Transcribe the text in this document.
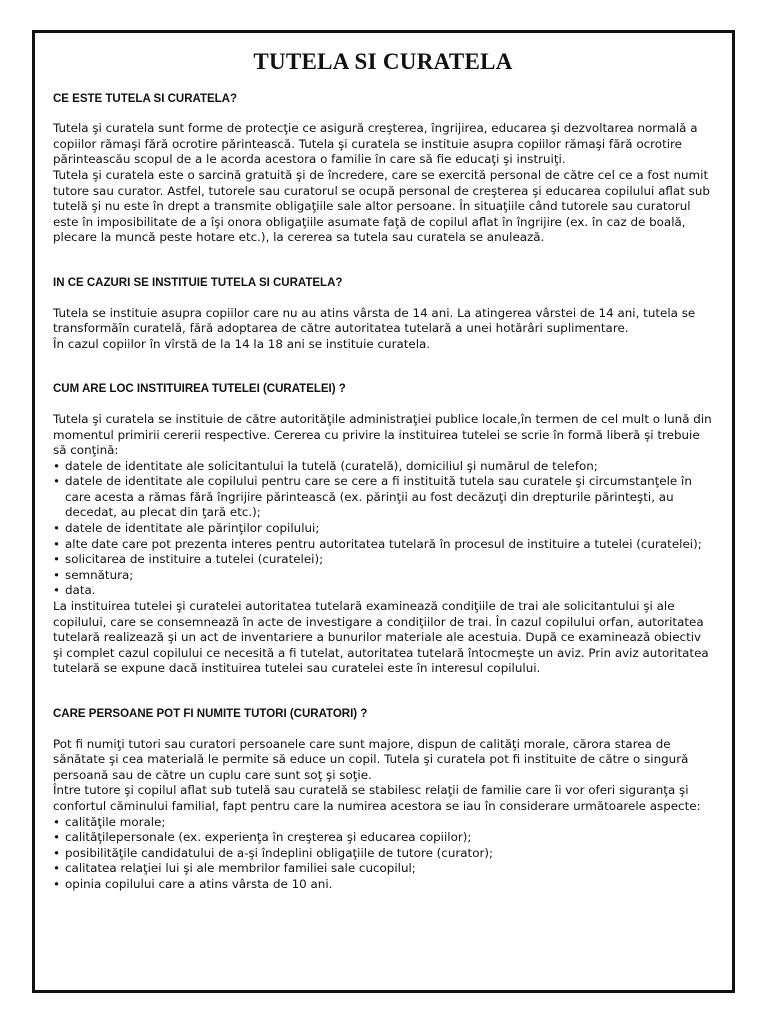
TUTELA SI CURATELA
CE ESTE TUTELA SI CURATELA?

Tutela şi curatela sunt forme de protecţie ce asigură creşterea, îngrijirea, educarea şi dezvoltarea normală a copiilor rămaşi fără ocrotire părintească. Tutela şi curatela se instituie asupra copiilor rămaşi fără ocrotire părinteascău scopul de a le acorda acestora o familie în care să fie educaţi şi instruiţi.

Tutela şi curatela este o sarcină gratuită şi de încredere, care se exercită personal de către cel ce a fost numit tutore sau curator. Astfel, tutorele sau curatorul se ocupă personal de creşterea şi educarea copilului aflat sub tutelă şi nu este în drept a transmite obligaţiile sale altor persoane. În situaţiile când tutorele sau curatorul este în imposibilitate de a îşi onora obligaţiile asumate faţă de copilul aflat în îngrijire (ex. în caz de boală, plecare la muncă peste hotare etc.), la cererea sa tutela sau curatela se anulează.

IN CE CAZURI SE INSTITUIE TUTELA SI CURATELA?

Tutela se instituie asupra copiilor care nu au atins vârsta de 14 ani. La atingerea vârstei de 14 ani, tutela se transformăîn curatelă, fără adoptarea de către autoritatea tutelară a unei hotărâri suplimentare.

În cazul copiilor în vîrstă de la 14 la 18 ani se instituie curatela.

CUM ARE LOC INSTITUIREA TUTELEI (CURATELEI) ?

Tutela şi curatela se instituie de către autorităţile administraţiei publice locale,în termen de cel mult o lună din momentul primirii cererii respective. Cererea cu privire la instituirea tutelei se scrie în formă liberă şi trebuie să conţină:

• datele de identitate ale solicitantului la tutelă (curatelă), domiciliul şi numărul de telefon;
• datele de identitate ale copilului pentru care se cere a fi instituită tutela sau curatele şi circumstanţele în care acesta a rămas fără îngrijire părintească (ex. părinţii au fost decăzuţi din drepturile părinteşti, au decedat, au plecat din ţară etc.);
• datele de identitate ale părinţilor copilului;
• alte date care pot prezenta interes pentru autoritatea tutelară în procesul de instituire a tutelei (curatelei);
• solicitarea de instituire a tutelei (curatelei);
• semnătura;
• data.

La instituirea tutelei şi curatelei autoritatea tutelară examinează condiţiile de trai ale solicitantului şi ale copilului, care se consemnează în acte de investigare a condiţiilor de trai. În cazul copilului orfan, autoritatea tutelară realizează şi un act de inventariere a bunurilor materiale ale acestuia. După ce examinează obiectiv şi complet cazul copilului ce necesită a fi tutelat, autoritatea tutelară întocmeşte un aviz. Prin aviz autoritatea tutelară se expune dacă instituirea tutelei sau curatelei este în interesul copilului.

CARE PERSOANE POT FI NUMITE TUTORI (CURATORI) ?

Pot fi numiţi tutori sau curatori persoanele care sunt majore, dispun de calităţi morale, cărora starea de sănătate şi cea materială le permite să educe un copil. Tutela şi curatela pot fi instituite de către o singură persoană sau de către un cuplu care sunt soţ şi soţie.

Între tutore şi copilul aflat sub tutelă sau curatelă se stabilesc relaţii de familie care îi vor oferi siguranţa şi confortul căminului familial, fapt pentru care la numirea acestora se iau în considerare următoarele aspecte:

• calităţile morale;
• calităţilepersonale (ex. experienţa în creşterea şi educarea copiilor);
• posibilităţile candidatului de a-şi îndeplini obligaţiile de tutore (curator);
• calitatea relaţiei lui şi ale membrilor familiei sale cucopilul;
• opinia copilului care a atins vârsta de 10 ani.
